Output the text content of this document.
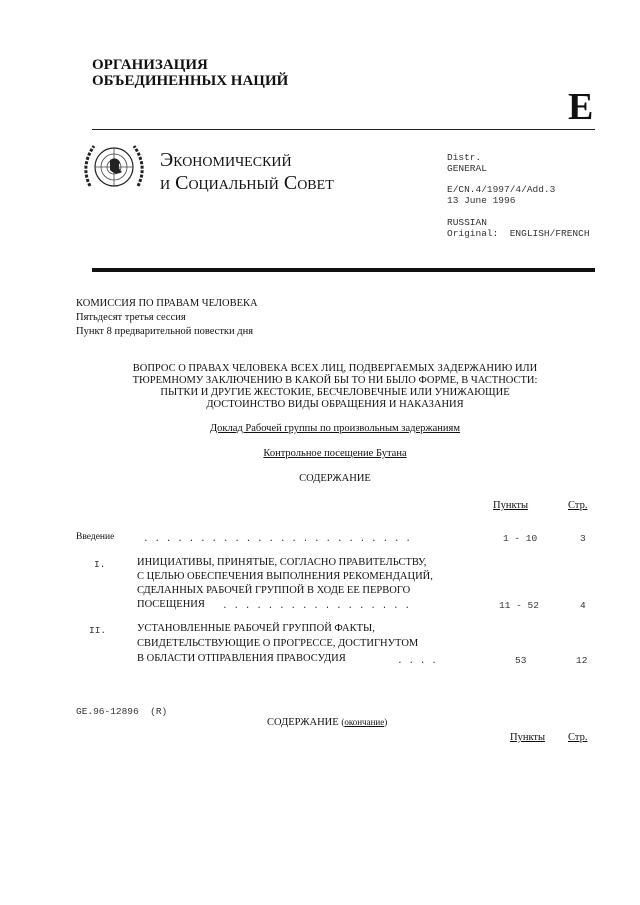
ОРГАНИЗАЦИЯ
ОБЪЕДИНЕННЫХ НАЦИЙ
E
Экономический
и Социальный Совет
Distr.
GENERAL
E/CN.4/1997/4/Add.3
13 June 1996
RUSSIAN
Original:  ENGLISH/FRENCH
КОМИССИЯ ПО ПРАВАМ ЧЕЛОВЕКА
Пятьдесят третья сессия
Пункт 8 предварительной повестки дня
ВОПРОС О ПРАВАХ ЧЕЛОВЕКА ВСЕХ ЛИЦ, ПОДВЕРГАЕМЫХ ЗАДЕРЖАНИЮ ИЛИ
ТЮРЕМНОМУ ЗАКЛЮЧЕНИЮ В КАКОЙ БЫ ТО НИ БЫЛО ФОРМЕ, В ЧАСТНОСТИ:
ПЫТКИ И ДРУГИЕ ЖЕСТОКИЕ, БЕСЧЕЛОВЕЧНЫЕ ИЛИ УНИЖАЮЩИЕ
ДОСТОИНСТВО ВИДЫ ОБРАЩЕНИЯ И НАКАЗАНИЯ
Доклад Рабочей группы по произвольным задержаниям
Контрольное посещение Бутана
СОДЕРЖАНИЕ
Пункты	Стр.
Введение	. . . . . . . . . . . . . . . . . . . . . . . .	1 - 10	3
I.	ИНИЦИАТИВЫ, ПРИНЯТЫЕ, СОГЛАСНО ПРАВИТЕЛЬСТВУ,
С ЦЕЛЬЮ ОБЕСПЕЧЕНИЯ ВЫПОЛНЕНИЯ РЕКОМЕНДАЦИЙ,
СДЕЛАННЫХ РАБОЧЕЙ ГРУППОЙ В ХОДЕ ЕЕ ПЕРВОГО
ПОСЕЩЕНИЯ . . . . . . . . . . . . . . . . .	11 - 52	4
II.	УСТАНОВЛЕННЫЕ РАБОЧЕЙ ГРУППОЙ ФАКТЫ,
СВИДЕТЕЛЬСТВУЮЩИЕ О ПРОГРЕССЕ, ДОСТИГНУТОМ
В ОБЛАСТИ ОТПРАВЛЕНИЯ ПРАВОСУДИЯ	. . . .	53	12
GE.96-12896  (R)
СОДЕРЖАНИЕ (окончание)
Пункты Стр.
